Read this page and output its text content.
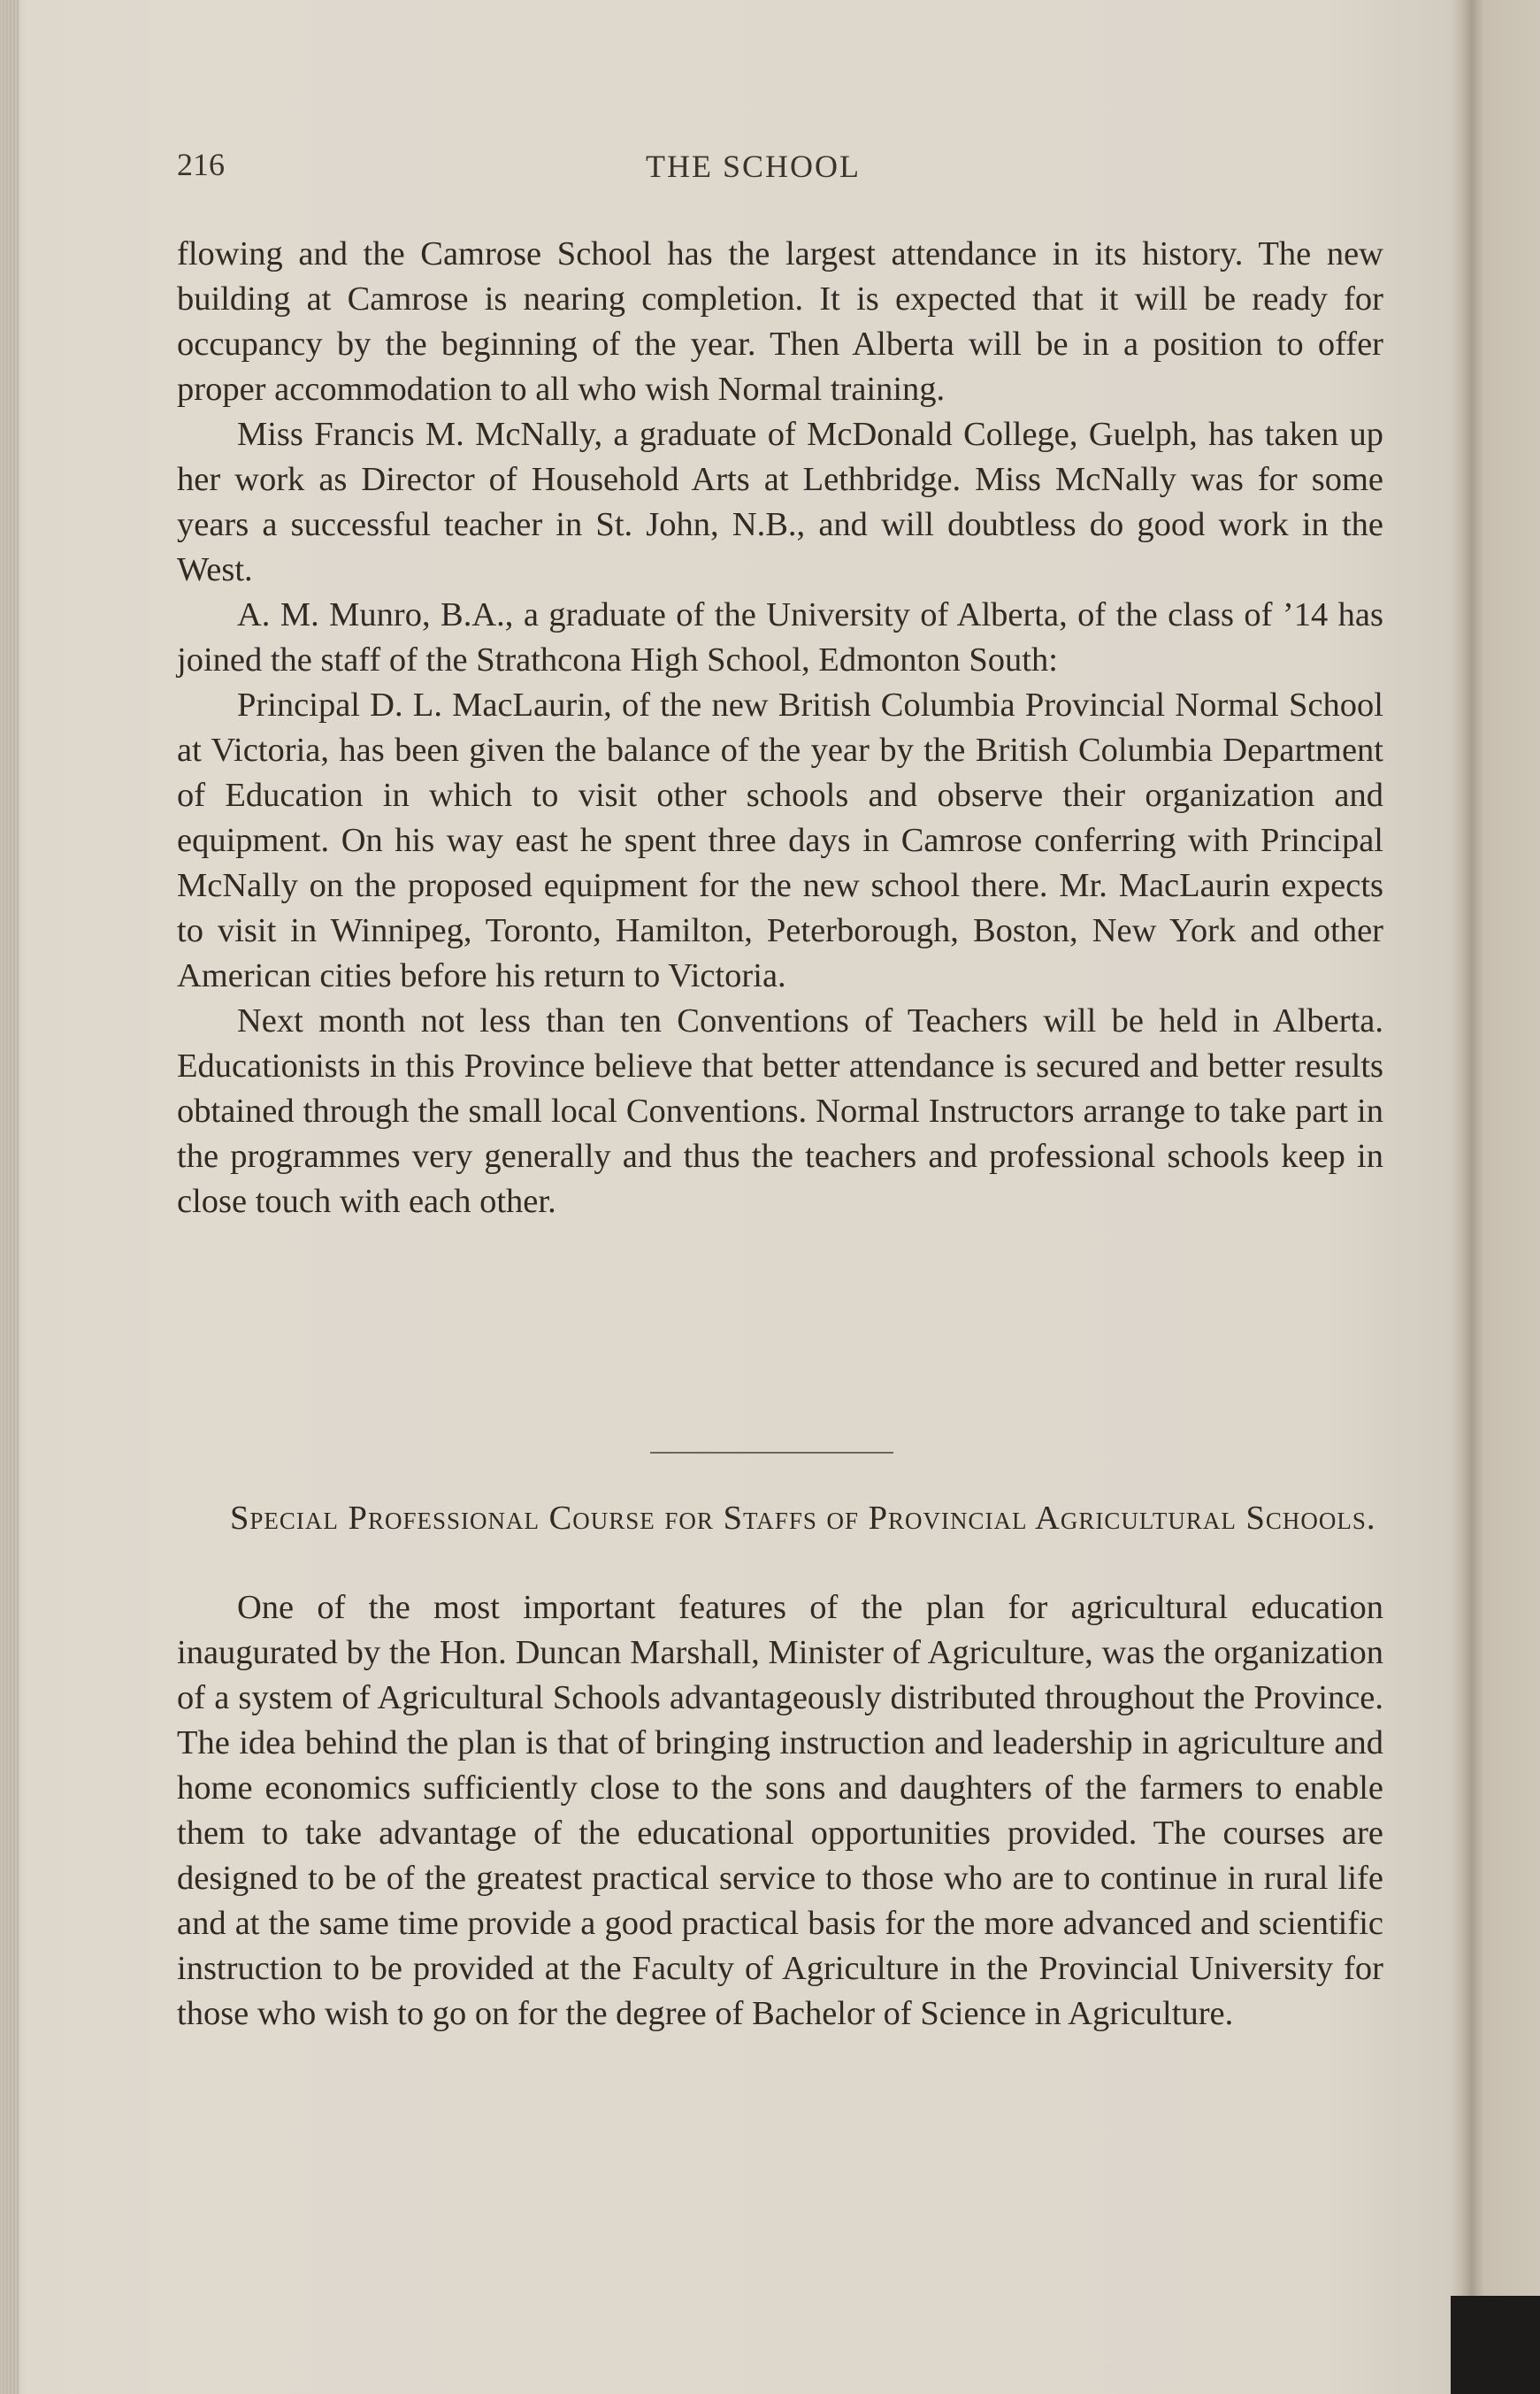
216	THE SCHOOL

flowing and the Camrose School has the largest attendance in its history. The new building at Camrose is nearing completion. It is expected that it will be ready for occupancy by the beginning of the year. Then Alberta will be in a position to offer proper accommodation to all who wish Normal training.

Miss Francis M. McNally, a graduate of McDonald College, Guelph, has taken up her work as Director of Household Arts at Lethbridge. Miss McNally was for some years a successful teacher in St. John, N.B., and will doubtless do good work in the West.

A. M. Munro, B.A., a graduate of the University of Alberta, of the class of ’14 has joined the staff of the Strathcona High School, Edmonton South:

Principal D. L. MacLaurin, of the new British Columbia Provincial Normal School at Victoria, has been given the balance of the year by the British Columbia Department of Education in which to visit other schools and observe their organization and equipment. On his way east he spent three days in Camrose conferring with Principal McNally on the proposed equipment for the new school there. Mr. MacLaurin expects to visit in Winnipeg, Toronto, Hamilton, Peterborough, Boston, New York and other American cities before his return to Victoria.

Next month not less than ten Conventions of Teachers will be held in Alberta. Educationists in this Province believe that better attendance is secured and better results obtained through the small local Conventions. Normal Instructors arrange to take part in the programmes very generally and thus the teachers and professional schools keep in close touch with each other.

Special Professional Course for Staffs of Provincial Agricultural Schools.

One of the most important features of the plan for agricultural education inaugurated by the Hon. Duncan Marshall, Minister of Agriculture, was the organization of a system of Agricultural Schools advantageously distributed throughout the Province. The idea behind the plan is that of bringing instruction and leadership in agriculture and home economics sufficiently close to the sons and daughters of the farmers to enable them to take advantage of the educational opportunities provided. The courses are designed to be of the greatest practical service to those who are to continue in rural life and at the same time provide a good practical basis for the more advanced and scientific instruction to be provided at the Faculty of Agriculture in the Provincial University for those who wish to go on for the degree of Bachelor of Science in Agriculture.
